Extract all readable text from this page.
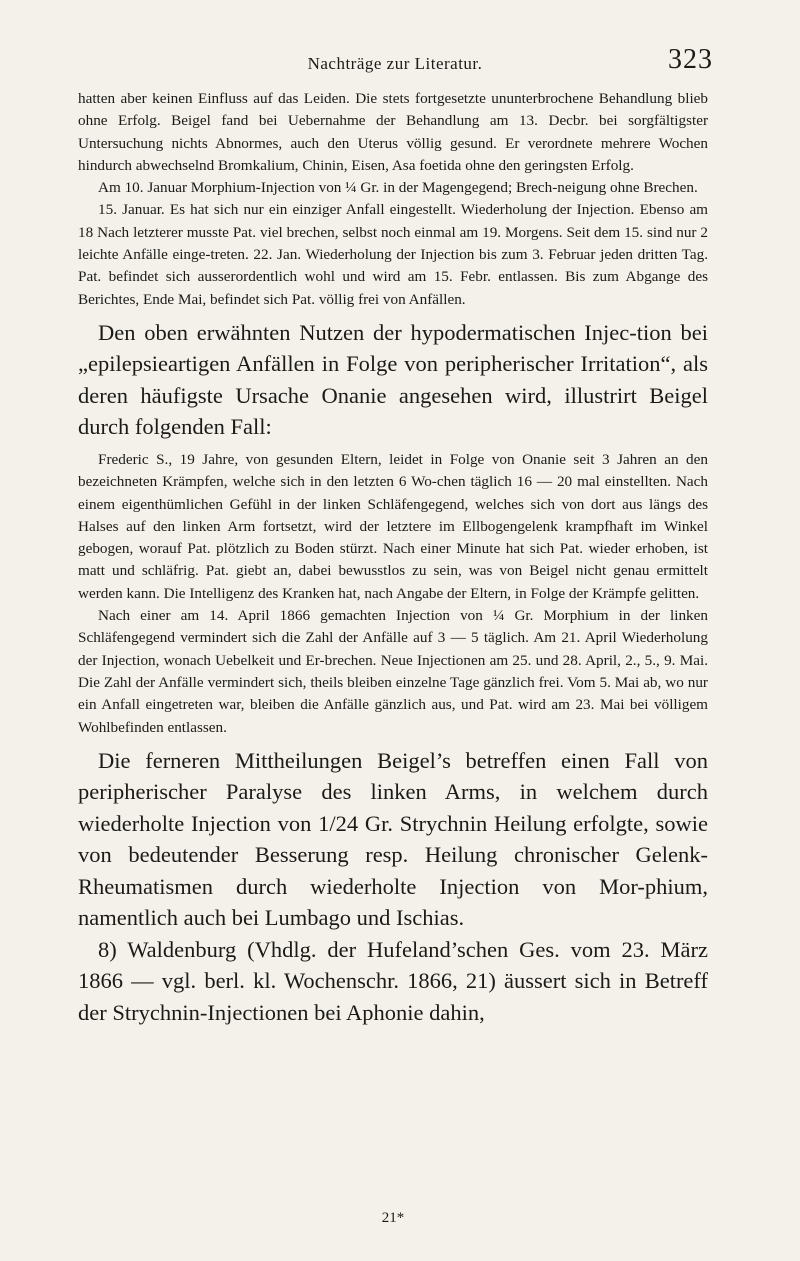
Nachträge zur Literatur.	323

hatten aber keinen Einfluss auf das Leiden. Die stets fortgesetzte ununterbrochene Behandlung blieb ohne Erfolg. Beigel fand bei Uebernahme der Behandlung am 13. Decbr. bei sorgfältigster Untersuchung nichts Abnormes, auch den Uterus völlig gesund. Er verordnete mehrere Wochen hindurch abwechselnd Bromkalium, Chinin, Eisen, Asa foetida ohne den geringsten Erfolg.

Am 10. Januar Morphium-Injection von ¼ Gr. in der Magengegend; Brech-neigung ohne Brechen.

15. Januar. Es hat sich nur ein einziger Anfall eingestellt. Wiederholung der Injection. Ebenso am 18 Nach letzterer musste Pat. viel brechen, selbst noch einmal am 19. Morgens. Seit dem 15. sind nur 2 leichte Anfälle einge-treten. 22. Jan. Wiederholung der Injection bis zum 3. Februar jeden dritten Tag. Pat. befindet sich ausserordentlich wohl und wird am 15. Febr. entlassen. Bis zum Abgange des Berichtes, Ende Mai, befindet sich Pat. völlig frei von Anfällen.

Den oben erwähnten Nutzen der hypodermatischen Injec-tion bei „epilepsieartigen Anfällen in Folge von peripherischer Irritation“, als deren häufigste Ursache Onanie angesehen wird, illustrirt Beigel durch folgenden Fall:

Frederic S., 19 Jahre, von gesunden Eltern, leidet in Folge von Onanie seit 3 Jahren an den bezeichneten Krämpfen, welche sich in den letzten 6 Wo-chen täglich 16 — 20 mal einstellten. Nach einem eigenthümlichen Gefühl in der linken Schläfengegend, welches sich von dort aus längs des Halses auf den linken Arm fortsetzt, wird der letztere im Ellbogengelenk krampfhaft im Winkel gebogen, worauf Pat. plötzlich zu Boden stürzt. Nach einer Minute hat sich Pat. wieder erhoben, ist matt und schläfrig. Pat. giebt an, dabei bewusstlos zu sein, was von Beigel nicht genau ermittelt werden kann. Die Intelligenz des Kranken hat, nach Angabe der Eltern, in Folge der Krämpfe gelitten.

Nach einer am 14. April 1866 gemachten Injection von ¼ Gr. Morphium in der linken Schläfengegend vermindert sich die Zahl der Anfälle auf 3 — 5 täglich. Am 21. April Wiederholung der Injection, wonach Uebelkeit und Er-brechen. Neue Injectionen am 25. und 28. April, 2., 5., 9. Mai. Die Zahl der Anfälle vermindert sich, theils bleiben einzelne Tage gänzlich frei. Vom 5. Mai ab, wo nur ein Anfall eingetreten war, bleiben die Anfälle gänzlich aus, und Pat. wird am 23. Mai bei völligem Wohlbefinden entlassen.

Die ferneren Mittheilungen Beigel’s betreffen einen Fall von peripherischer Paralyse des linken Arms, in welchem durch wiederholte Injection von 1/24 Gr. Strychnin Heilung erfolgte, sowie von bedeutender Besserung resp. Heilung chronischer Gelenk-Rheumatismen durch wiederholte Injection von Mor-phium, namentlich auch bei Lumbago und Ischias.

8) Waldenburg (Vhdlg. der Hufeland’schen Ges. vom 23. März 1866 — vgl. berl. kl. Wochenschr. 1866, 21) äussert sich in Betreff der Strychnin-Injectionen bei Aphonie dahin,

21*
